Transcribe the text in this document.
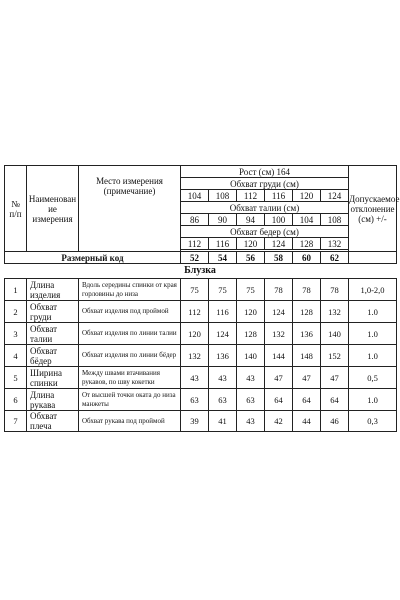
№
п/п	Наименован
ие
измерения	Место измерения
(примечание)	Рост (см) 164						Допускаемое
отклонение
(см) +/-
			Обхват груди (см)						
			104	108	112	116	120	124	
			Обхват талии (см)						
			86	90	94	100	104	108	
			Обхват бедер (см)						
			112	116	120	124	128	132	

Размерный код			52	54	56	58	60	62	
Блузка
1	Длина изделия	Вдоль середины спинки от края горловины до низа	75	75	75	78	78	78	1,0-2,0
2	Обхват груди	Обхват изделия под проймой	112	116	120	124	128	132	1.0
3	Обхват талии	Обхват изделия по линии талии	120	124	128	132	136	140	1.0
4	Обхват бёдер	Обхват изделия по линии бёдер	132	136	140	144	148	152	1.0
5	Ширина спинки	Между швами втачивания рукавов, по шву кокетки	43	43	43	47	47	47	0,5
6	Длина рукава	От высшей точки оката до низа манжеты	63	63	63	64	64	64	1.0
7	Обхват плеча	Обхват рукава под проймой	39	41	43	42	44	46	0,3
